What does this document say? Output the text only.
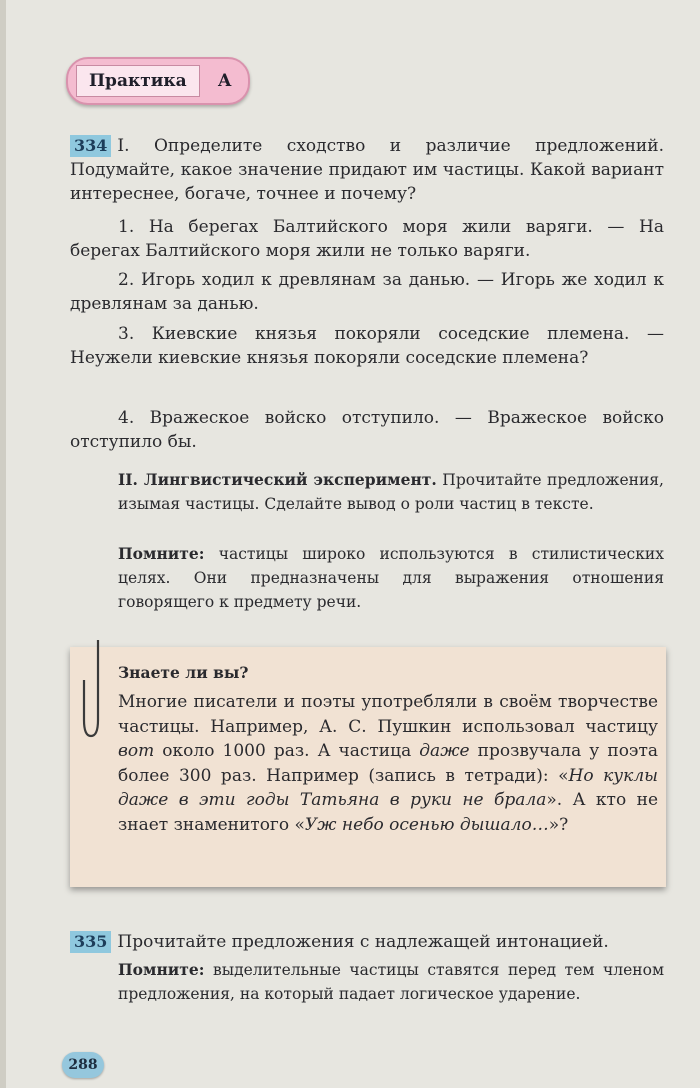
Практика	А

334 I. Определите сходство и различие предложений. Подумайте, какое значение придают им частицы. Какой вариант интереснее, богаче, точнее и почему?

1. На берегах Балтийского моря жили варяги. — На берегах Балтийского моря жили не только варяги.

2. Игорь ходил к древлянам за данью. — Игорь же ходил к древлянам за данью.

3. Киевские князья покоряли соседские племена. — Неужели киевские князья покоряли соседские племена?

4. Вражеское войско отступило. — Вражеское войско отступило бы.

II. Лингвистический эксперимент. Прочитайте предложения, изымая частицы. Сделайте вывод о роли частиц в тексте.

Помните: частицы широко используются в стилистических целях. Они предназначены для выражения отношения говорящего к предмету речи.

Знаете ли вы?

Многие писатели и поэты употребляли в своём творчестве частицы. Например, А. С. Пушкин использовал частицу вот около 1000 раз. А частица даже прозвучала у поэта более 300 раз. Например (запись в тетради): «Но куклы даже в эти годы Татьяна в руки не брала». А кто не знает знаменитого «Уж небо осенью дышало…»?

335 Прочитайте предложения с надлежащей интонацией.

Помните: выделительные частицы ставятся перед тем членом предложения, на который падает логическое ударение.

288
